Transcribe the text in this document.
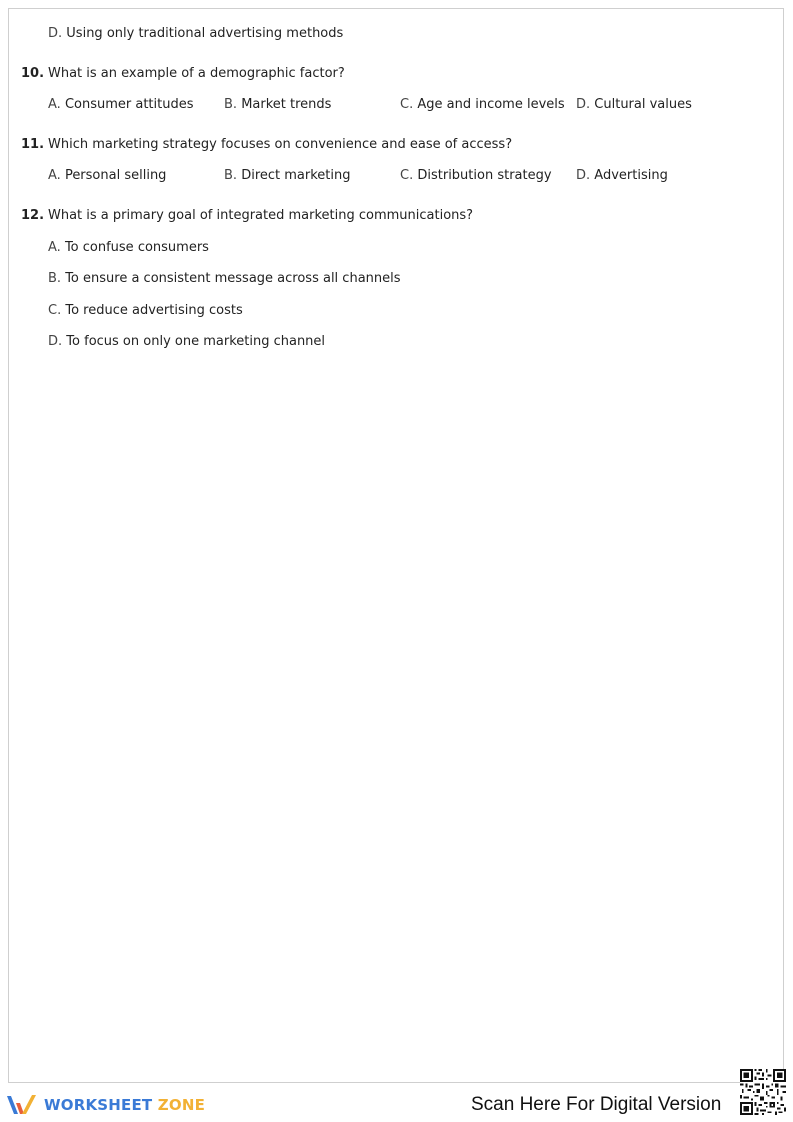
D. Using only traditional advertising methods
10. What is an example of a demographic factor?
A. Consumer attitudes B. Market trends	C. Age and income levels D. Cultural values
11. Which marketing strategy focuses on convenience and ease of access?
A. Personal selling	B. Direct marketing	C. Distribution strategy D. Advertising
12. What is a primary goal of integrated marketing communications?
A. To confuse consumers
B. To ensure a consistent message across all channels
C. To reduce advertising costs
D. To focus on only one marketing channel
WORKSHEET ZONE	Scan Here For Digital Version
